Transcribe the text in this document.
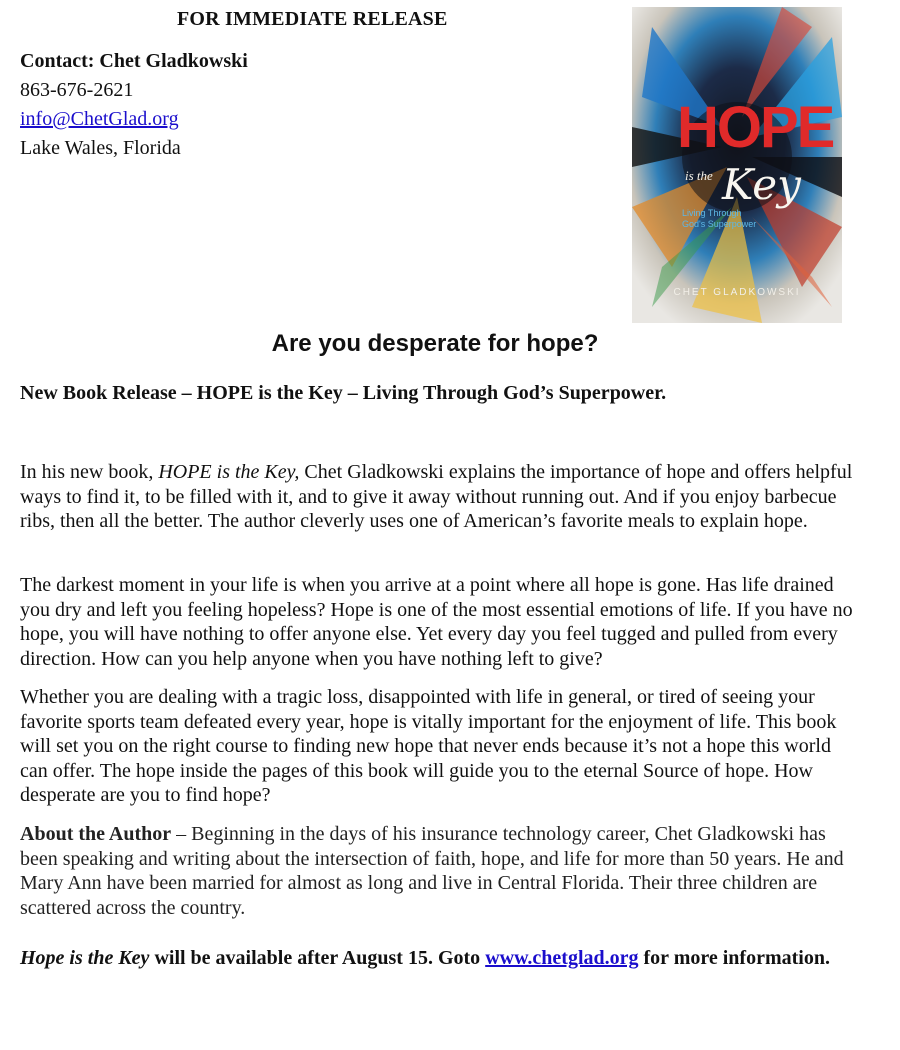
FOR IMMEDIATE RELEASE
Contact: Chet Gladkowski
863-676-2621
info@ChetGlad.org
Lake Wales, Florida	HOPE
is the Key
Living Through
God's Superpower
CHET GLADKOWSKI
Are you desperate for hope?
New Book Release – HOPE is the Key – Living Through God’s Superpower.

In his new book, HOPE is the Key, Chet Gladkowski explains the importance of hope and offers helpful ways to find it, to be filled with it, and to give it away without running out. And if you enjoy barbecue ribs, then all the better. The author cleverly uses one of American’s favorite meals to explain hope.

The darkest moment in your life is when you arrive at a point where all hope is gone. Has life drained you dry and left you feeling hopeless? Hope is one of the most essential emotions of life. If you have no hope, you will have nothing to offer anyone else. Yet every day you feel tugged and pulled from every direction. How can you help anyone when you have nothing left to give?

Whether you are dealing with a tragic loss, disappointed with life in general, or tired of seeing your favorite sports team defeated every year, hope is vitally important for the enjoyment of life. This book will set you on the right course to finding new hope that never ends because it’s not a hope this world can offer. The hope inside the pages of this book will guide you to the eternal Source of hope. How desperate are you to find hope?

About the Author – Beginning in the days of his insurance technology career, Chet Gladkowski has been speaking and writing about the intersection of faith, hope, and life for more than 50 years. He and Mary Ann have been married for almost as long and live in Central Florida. Their three children are scattered across the country.

Hope is the Key will be available after August 15. Goto www.chetglad.org for more information.
